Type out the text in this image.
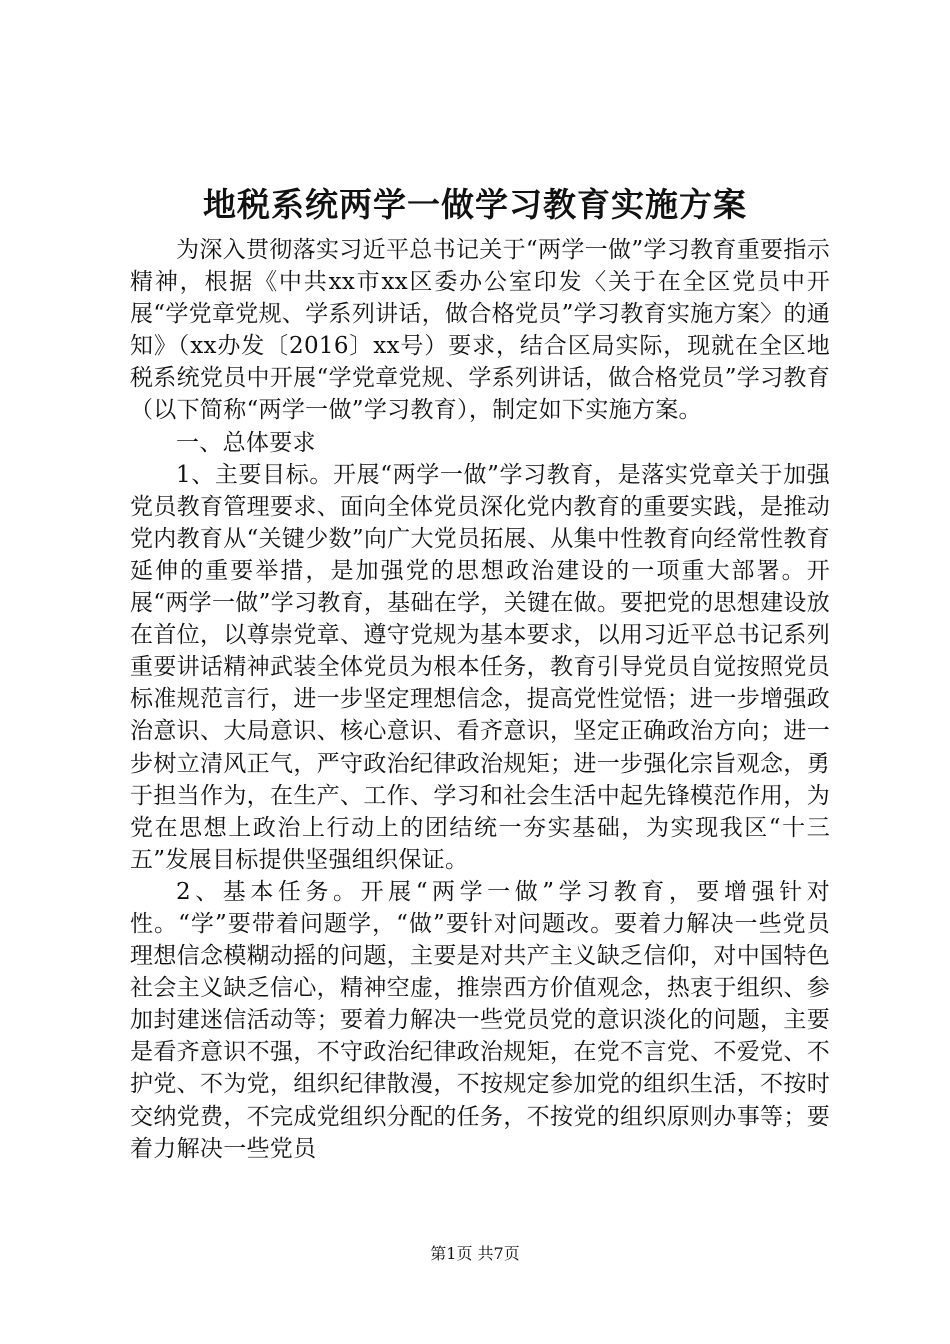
地税系统两学一做学习教育实施方案

为深入贯彻落实习近平总书记关于“两学一做”学习教育重要指示精神，根据《中共xx市xx区委办公室印发〈关于在全区党员中开展“学党章党规、学系列讲话，做合格党员”学习教育实施方案〉的通知》（xx办发〔2016〕xx号）要求，结合区局实际，现就在全区地税系统党员中开展“学党章党规、学系列讲话，做合格党员”学习教育（以下简称“两学一做”学习教育），制定如下实施方案。

一、总体要求

1、主要目标。开展“两学一做”学习教育，是落实党章关于加强党员教育管理要求、面向全体党员深化党内教育的重要实践，是推动党内教育从“关键少数”向广大党员拓展、从集中性教育向经常性教育延伸的重要举措，是加强党的思想政治建设的一项重大部署。开展“两学一做”学习教育，基础在学，关键在做。要把党的思想建设放在首位，以尊崇党章、遵守党规为基本要求，以用习近平总书记系列重要讲话精神武装全体党员为根本任务，教育引导党员自觉按照党员标准规范言行，进一步坚定理想信念，提高党性觉悟；进一步增强政治意识、大局意识、核心意识、看齐意识，坚定正确政治方向；进一步树立清风正气，严守政治纪律政治规矩；进一步强化宗旨观念，勇于担当作为，在生产、工作、学习和社会生活中起先锋模范作用，为党在思想上政治上行动上的团结统一夯实基础，为实现我区“十三五”发展目标提供坚强组织保证。

2、基本任务。开展“两学一做”学习教育，要增强针对性。“学”要带着问题学，“做”要针对问题改。要着力解决一些党员理想信念模糊动摇的问题，主要是对共产主义缺乏信仰，对中国特色社会主义缺乏信心，精神空虚，推崇西方价值观念，热衷于组织、参加封建迷信活动等；要着力解决一些党员党的意识淡化的问题，主要是看齐意识不强，不守政治纪律政治规矩，在党不言党、不爱党、不护党、不为党，组织纪律散漫，不按规定参加党的组织生活，不按时交纳党费，不完成党组织分配的任务，不按党的组织原则办事等；要着力解决一些党员

第1页 共7页
